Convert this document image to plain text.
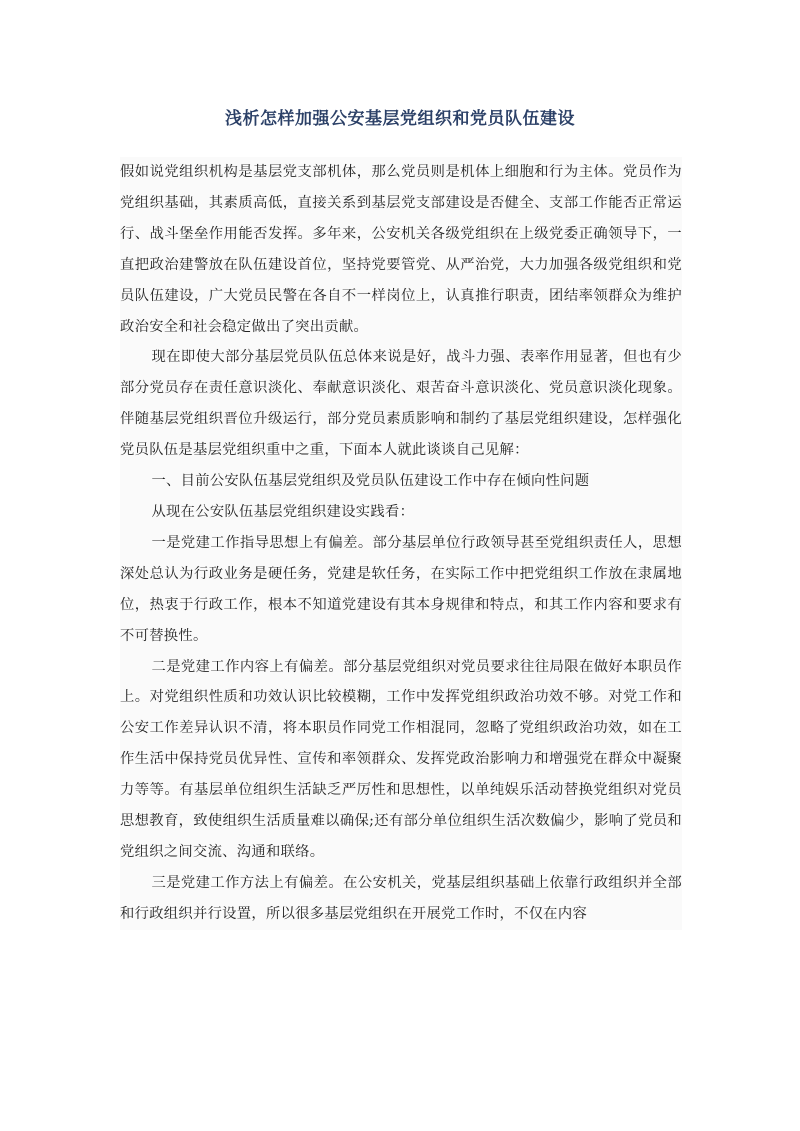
浅析怎样加强公安基层党组织和党员队伍建设

假如说党组织机构是基层党支部机体，那么党员则是机体上细胞和行为主体。党员作为党组织基础，其素质高低，直接关系到基层党支部建设是否健全、支部工作能否正常运行、战斗堡垒作用能否发挥。多年来，公安机关各级党组织在上级党委正确领导下，一直把政治建警放在队伍建设首位，坚持党要管党、从严治党，大力加强各级党组织和党员队伍建设，广大党员民警在各自不一样岗位上，认真推行职责，团结率领群众为维护政治安全和社会稳定做出了突出贡献。

现在即使大部分基层党员队伍总体来说是好，战斗力强、表率作用显著，但也有少部分党员存在责任意识淡化、奉献意识淡化、艰苦奋斗意识淡化、党员意识淡化现象。伴随基层党组织晋位升级运行，部分党员素质影响和制约了基层党组织建设，怎样强化党员队伍是基层党组织重中之重，下面本人就此谈谈自己见解：

一、目前公安队伍基层党组织及党员队伍建设工作中存在倾向性问题

从现在公安队伍基层党组织建设实践看：

一是党建工作指导思想上有偏差。部分基层单位行政领导甚至党组织责任人，思想深处总认为行政业务是硬任务，党建是软任务，在实际工作中把党组织工作放在隶属地位，热衷于行政工作，根本不知道党建设有其本身规律和特点，和其工作内容和要求有不可替换性。

二是党建工作内容上有偏差。部分基层党组织对党员要求往往局限在做好本职员作上。对党组织性质和功效认识比较模糊，工作中发挥党组织政治功效不够。对党工作和公安工作差异认识不清，将本职员作同党工作相混同，忽略了党组织政治功效，如在工作生活中保持党员优异性、宣传和率领群众、发挥党政治影响力和增强党在群众中凝聚力等等。有基层单位组织生活缺乏严厉性和思想性，以单纯娱乐活动替换党组织对党员思想教育，致使组织生活质量难以确保;还有部分单位组织生活次数偏少，影响了党员和党组织之间交流、沟通和联络。

三是党建工作方法上有偏差。在公安机关，党基层组织基础上依靠行政组织并全部和行政组织并行设置，所以很多基层党组织在开展党工作时，不仅在内容
